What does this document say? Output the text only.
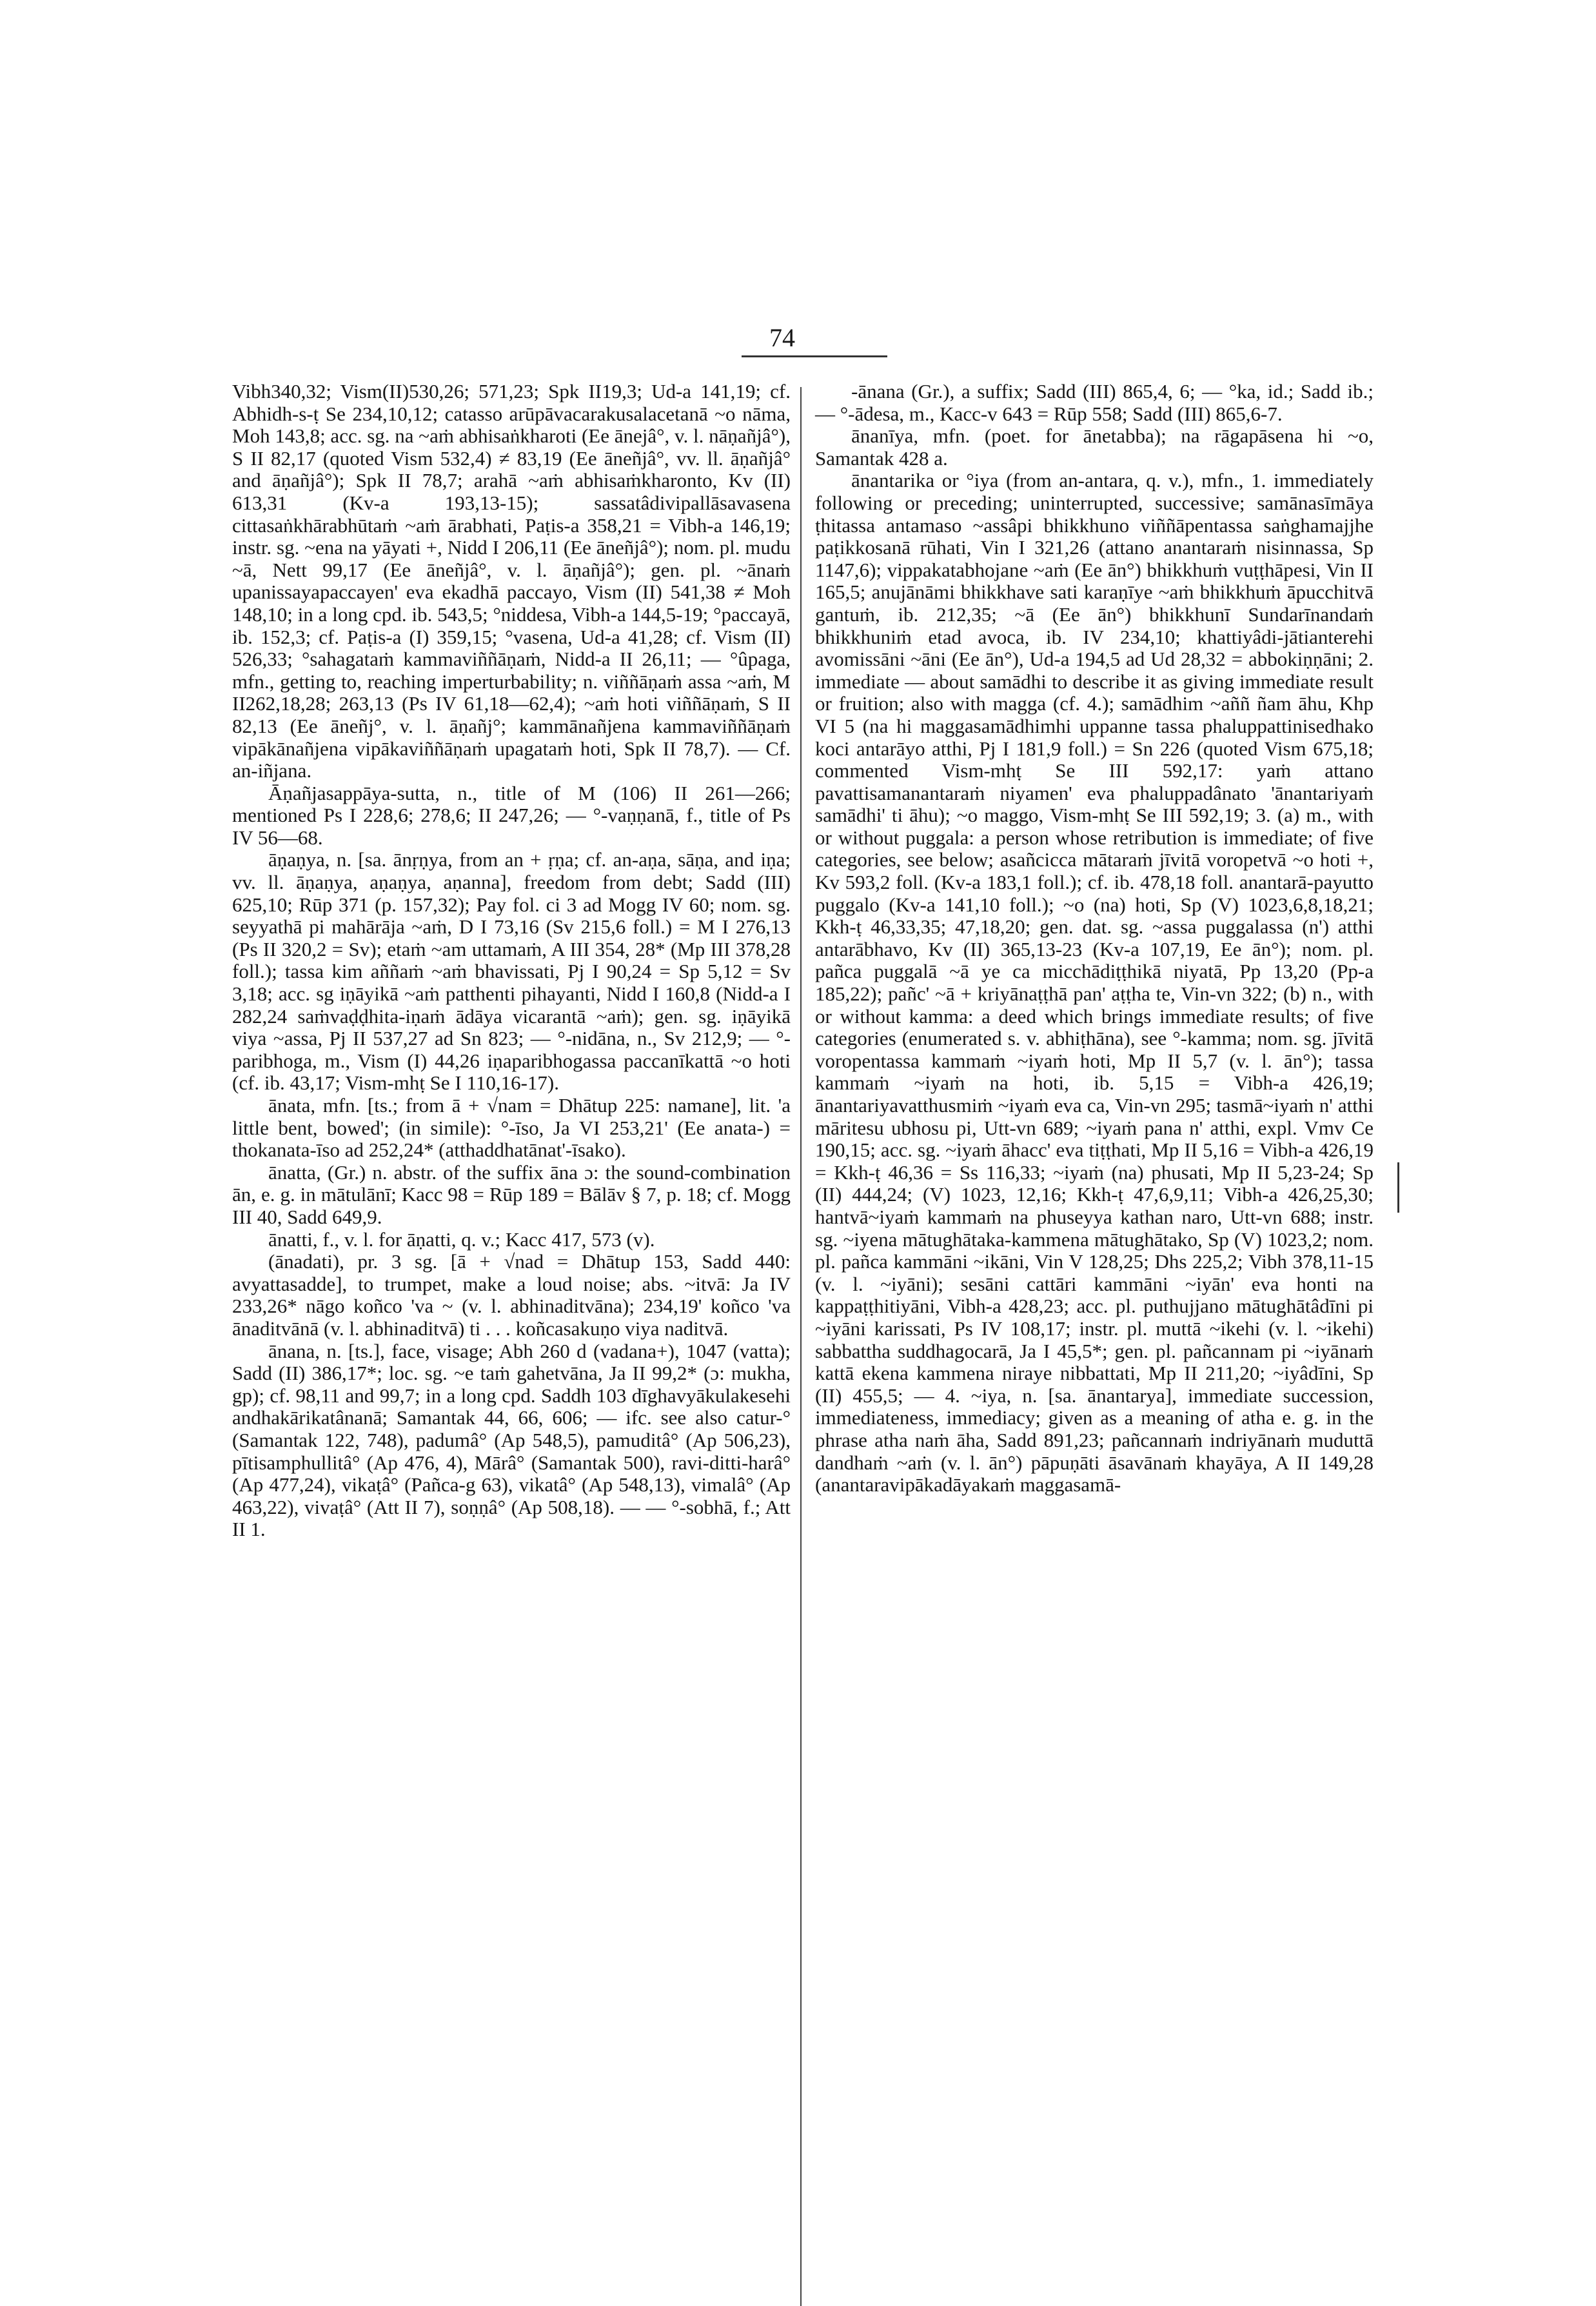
74

Vibh340,32; Vism(II)530,26; 571,23; Spk II19,3; Ud-a 141,19; cf. Abhidh-s-ṭ Se 234,10,12; catasso arūpāvacarakusalacetanā ~o nāma, Moh 143,8; acc. sg. na ~aṁ abhisaṅkharoti (Ee ānejâ°, v. l. nāṇañjâ°), S II 82,17 (quoted Vism 532,4) ≠ 83,19 (Ee āneñjâ°, vv. ll. āṇañjâ° and āṇañjâ°); Spk II 78,7; arahā ~aṁ abhisaṁkharonto, Kv (II) 613,31 (Kv-a 193,13-15); sassatâdivipallāsavasena cittasaṅkhārabhūtaṁ ~aṁ ārabhati, Paṭis-a 358,21 = Vibh-a 146,19; instr. sg. ~ena na yāyati +, Nidd I 206,11 (Ee āneñjâ°); nom. pl. mudu ~ā, Nett 99,17 (Ee āneñjâ°, v. l. āṇañjâ°); gen. pl. ~ānaṁ upanissayapaccayen' eva ekadhā paccayo, Vism (II) 541,38 ≠ Moh 148,10; in a long cpd. ib. 543,5; °niddesa, Vibh-a 144,5-19; °paccayā, ib. 152,3; cf. Paṭis-a (I) 359,15; °vasena, Ud-a 41,28; cf. Vism (II) 526,33; °sahagataṁ kammaviññāṇaṁ, Nidd-a II 26,11; — °ûpaga, mfn., getting to, reaching imperturbability; n. viññāṇaṁ assa ~aṁ, M II262,18,28; 263,13 (Ps IV 61,18—62,4); ~aṁ hoti viññāṇaṁ, S II 82,13 (Ee āneñj°, v. l. āṇañj°; kammānañjena kammaviññāṇaṁ vipākānañjena vipākaviññāṇaṁ upagataṁ hoti, Spk II 78,7). — Cf. an-iñjana.

Āṇañjasappāya-sutta, n., title of M (106) II 261—266; mentioned Ps I 228,6; 278,6; II 247,26; — °-vaṇṇanā, f., title of Ps IV 56—68.

āṇaṇya, n. [sa. ānṛṇya, from an + ṛṇa; cf. an-aṇa, sāṇa, and iṇa; vv. ll. āṇaṇya, aṇaṇya, aṇanna], freedom from debt; Sadd (III) 625,10; Rūp 371 (p. 157,32); Pay fol. ci 3 ad Mogg IV 60; nom. sg. seyyathā pi mahārāja ~aṁ, D I 73,16 (Sv 215,6 foll.) = M I 276,13 (Ps II 320,2 = Sv); etaṁ ~am uttamaṁ, A III 354, 28* (Mp III 378,28 foll.); tassa kim aññaṁ ~aṁ bhavissati, Pj I 90,24 = Sp 5,12 = Sv 3,18; acc. sg iṇāyikā ~aṁ patthenti pihayanti, Nidd I 160,8 (Nidd-a I 282,24 saṁvaḍḍhita-iṇaṁ ādāya vicarantā ~aṁ); gen. sg. iṇāyikā viya ~assa, Pj II 537,27 ad Sn 823; — °-nidāna, n., Sv 212,9; — °-paribhoga, m., Vism (I) 44,26 iṇaparibhogassa paccanīkattā ~o hoti (cf. ib. 43,17; Vism-mhṭ Se I 110,16-17).

ānata, mfn. [ts.; from ā + √nam = Dhātup 225: namane], lit. 'a little bent, bowed'; (in simile): °-īso, Ja VI 253,21' (Ee anata-) = thokanata-īso ad 252,24* (atthaddhatānat'-īsako).

ānatta, (Gr.) n. abstr. of the suffix āna ɔ: the sound-combination ān, e. g. in mātulānī; Kacc 98 = Rūp 189 = Bālāv § 7, p. 18; cf. Mogg III 40, Sadd 649,9.

ānatti, f., v. l. for āṇatti, q. v.; Kacc 417, 573 (v).

(ānadati), pr. 3 sg. [ā + √nad = Dhātup 153, Sadd 440: avyattasadde], to trumpet, make a loud noise; abs. ~itvā: Ja IV 233,26* nāgo koñco 'va ~ (v. l. abhinaditvāna); 234,19' koñco 'va ānaditvānā (v. l. abhinaditvā) ti . . . koñcasakuṇo viya naditvā.

ānana, n. [ts.], face, visage; Abh 260 d (vadana+), 1047 (vatta); Sadd (II) 386,17*; loc. sg. ~e taṁ gahetvāna, Ja II 99,2* (ɔ: mukha, gp); cf. 98,11 and 99,7; in a long cpd. Saddh 103 dīghavyākulakesehi andhakārikatânanā; Samantak 44, 66, 606; — ifc. see also catur-° (Samantak 122, 748), padumâ° (Ap 548,5), pamuditâ° (Ap 506,23), pītisamphullitâ° (Ap 476, 4), Mārâ° (Samantak 500), ravi-ditti-harâ° (Ap 477,24), vikaṭâ° (Pañca-g 63), vikatâ° (Ap 548,13), vimalâ° (Ap 463,22), vivaṭâ° (Att II 7), soṇṇâ° (Ap 508,18). — — °-sobhā, f.; Att II 1.

-ānana (Gr.), a suffix; Sadd (III) 865,4, 6; — °ka, id.; Sadd ib.; — °-ādesa, m., Kacc-v 643 = Rūp 558; Sadd (III) 865,6-7.

ānanīya, mfn. (poet. for ānetabba); na rāgapāsena hi ~o, Samantak 428 a.

ānantarika or °iya (from an-antara, q. v.), mfn., 1. immediately following or preceding; uninterrupted, successive; samānasīmāya ṭhitassa antamaso ~assâpi bhikkhuno viññāpentassa saṅghamajjhe paṭikkosanā rūhati, Vin I 321,26 (attano anantaraṁ nisinnassa, Sp 1147,6); vippakatabhojane ~aṁ (Ee ān°) bhikkhuṁ vuṭṭhāpesi, Vin II 165,5; anujānāmi bhikkhave sati karaṇīye ~aṁ bhikkhuṁ āpucchitvā gantuṁ, ib. 212,35; ~ā (Ee ān°) bhikkhunī Sundarīnandaṁ bhikkhuniṁ etad avoca, ib. IV 234,10; khattiyâdi-jātianterehi avomissāni ~āni (Ee ān°), Ud-a 194,5 ad Ud 28,32 = abbokiṇṇāni; 2. immediate — about samādhi to describe it as giving immediate result or fruition; also with magga (cf. 4.); samādhim ~aññ ñam āhu, Khp VI 5 (na hi maggasamādhimhi uppanne tassa phaluppattinisedhako koci antarāyo atthi, Pj I 181,9 foll.) = Sn 226 (quoted Vism 675,18; commented Vism-mhṭ Se III 592,17: yaṁ attano pavattisamanantaraṁ niyamen' eva phaluppadânato 'ānantariyaṁ samādhi' ti āhu); ~o maggo, Vism-mhṭ Se III 592,19; 3. (a) m., with or without puggala: a person whose retribution is immediate; of five categories, see below; asañcicca mātaraṁ jīvitā voropetvā ~o hoti +, Kv 593,2 foll. (Kv-a 183,1 foll.); cf. ib. 478,18 foll. anantarā-payutto puggalo (Kv-a 141,10 foll.); ~o (na) hoti, Sp (V) 1023,6,8,18,21; Kkh-ṭ 46,33,35; 47,18,20; gen. dat. sg. ~assa puggalassa (n') atthi antarābhavo, Kv (II) 365,13-23 (Kv-a 107,19, Ee ān°); nom. pl. pañca puggalā ~ā ye ca micchādiṭṭhikā niyatā, Pp 13,20 (Pp-a 185,22); pañc' ~ā + kriyānaṭṭhā pan' aṭṭha te, Vin-vn 322; (b) n., with or without kamma: a deed which brings immediate results; of five categories (enumerated s. v. abhiṭhāna), see °-kamma; nom. sg. jīvitā voropentassa kammaṁ ~iyaṁ hoti, Mp II 5,7 (v. l. ān°); tassa kammaṁ ~iyaṁ na hoti, ib. 5,15 = Vibh-a 426,19; ānantariyavatthusmiṁ ~iyaṁ eva ca, Vin-vn 295; tasmā~iyaṁ n' atthi māritesu ubhosu pi, Utt-vn 689; ~iyaṁ pana n' atthi, expl. Vmv Ce 190,15; acc. sg. ~iyaṁ āhacc' eva tiṭṭhati, Mp II 5,16 = Vibh-a 426,19 = Kkh-ṭ 46,36 = Ss 116,33; ~iyaṁ (na) phusati, Mp II 5,23-24; Sp (II) 444,24; (V) 1023, 12,16; Kkh-ṭ 47,6,9,11; Vibh-a 426,25,30; hantvā~iyaṁ kammaṁ na phuseyya kathan naro, Utt-vn 688; instr. sg. ~iyena mātughātaka-kammena mātughātako, Sp (V) 1023,2; nom. pl. pañca kammāni ~ikāni, Vin V 128,25; Dhs 225,2; Vibh 378,11-15 (v. l. ~iyāni); sesāni cattāri kammāni ~iyān' eva honti na kappaṭṭhitiyāni, Vibh-a 428,23; acc. pl. puthujjano mātughātâdīni pi ~iyāni karissati, Ps IV 108,17; instr. pl. muttā ~ikehi (v. l. ~ikehi) sabbattha suddhagocarā, Ja I 45,5*; gen. pl. pañcannam pi ~iyānaṁ kattā ekena kammena niraye nibbattati, Mp II 211,20; ~iyâdīni, Sp (II) 455,5; — 4. ~iya, n. [sa. ānantarya], immediate succession, immediateness, immediacy; given as a meaning of atha e. g. in the phrase atha naṁ āha, Sadd 891,23; pañcannaṁ indriyānaṁ muduttā dandhaṁ ~aṁ (v. l. ān°) pāpuṇāti āsavānaṁ khayāya, A II 149,28 (anantaravipākadāyakaṁ maggasamā-
